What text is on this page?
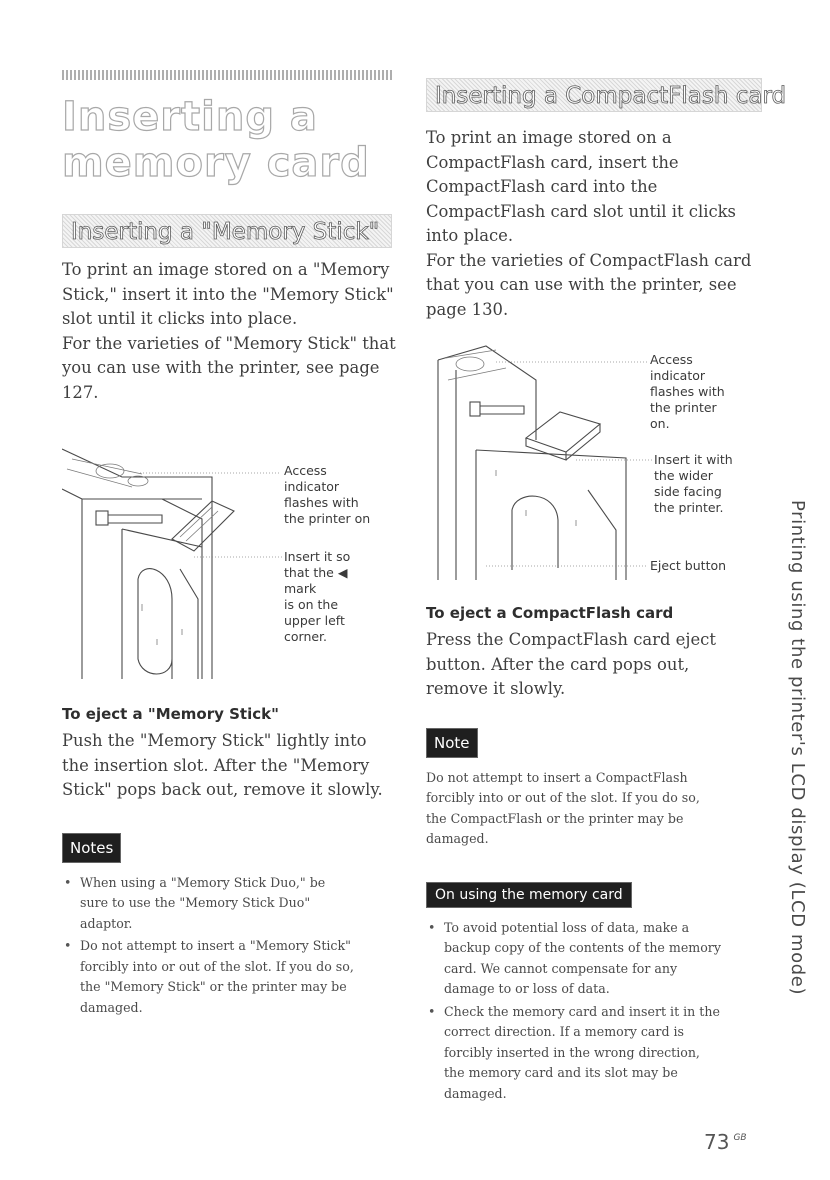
Inserting a memory card
Inserting a "Memory Stick"

To print an image stored on a "Memory

Stick," insert it into the "Memory Stick"

slot until it clicks into place.

For the varieties of "Memory Stick" that

you can use with the printer, see page

127.

Access
indicator
flashes with
the printer on
Insert it so
that the ◀
mark
is on the
upper left
corner.
To eject a "Memory Stick"

Push the "Memory Stick" lightly into

the insertion slot. After the "Memory

Stick" pops back out, remove it slowly.

Notes
• When using a "Memory Stick Duo," be
sure to use the "Memory Stick Duo"
adaptor.
• Do not attempt to insert a "Memory Stick"
forcibly into or out of the slot. If you do so,
the "Memory Stick" or the printer may be
damaged.
Inserting a CompactFlash card

To print an image stored on a

CompactFlash card, insert the

CompactFlash card into the

CompactFlash card slot until it clicks

into place.

For the varieties of CompactFlash card

that you can use with the printer, see

page 130.

Access
indicator
flashes with
the printer
on.
Insert it with
the wider
side facing
the printer.
Eject button
To eject a CompactFlash card

Press the CompactFlash card eject

button. After the card pops out,

remove it slowly.

Note
Do not attempt to insert a CompactFlash
forcibly into or out of the slot. If you do so,
the CompactFlash or the printer may be
damaged.
On using the memory card
• To avoid potential loss of data, make a
backup copy of the contents of the memory
card. We cannot compensate for any
damage to or loss of data.
• Check the memory card and insert it in the
correct direction. If a memory card is
forcibly inserted in the wrong direction,
the memory card and its slot may be
damaged.
Printing using the printer's LCD display (LCD mode)
73 $^{GB}$
